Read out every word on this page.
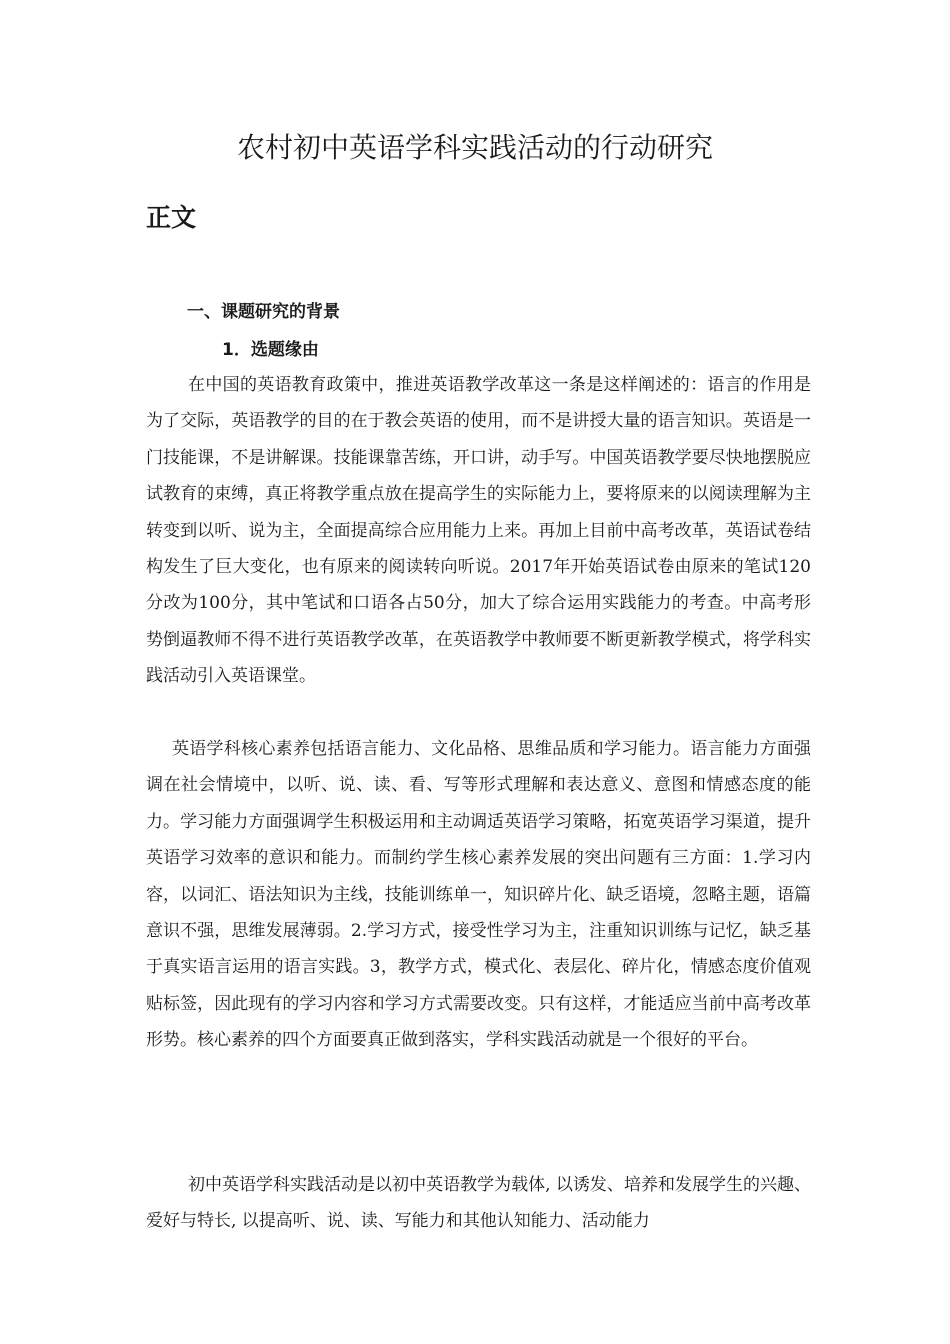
农村初中英语学科实践活动的行动研究
正文
一、课题研究的背景
1．选题缘由

在中国的英语教育政策中，推进英语教学改革这一条是这样阐述的：语言的作用是为了交际，英语教学的目的在于教会英语的使用，而不是讲授大量的语言知识。英语是一门技能课，不是讲解课。技能课靠苦练，开口讲，动手写。中国英语教学要尽快地摆脱应试教育的束缚，真正将教学重点放在提高学生的实际能力上，要将原来的以阅读理解为主转变到以听、说为主，全面提高综合应用能力上来。再加上目前中高考改革，英语试卷结构发生了巨大变化，也有原来的阅读转向听说。2017年开始英语试卷由原来的笔试120分改为100分，其中笔试和口语各占50分，加大了综合运用实践能力的考查。中高考形势倒逼教师不得不进行英语教学改革，在英语教学中教师要不断更新教学模式，将学科实践活动引入英语课堂。

英语学科核心素养包括语言能力、文化品格、思维品质和学习能力。语言能力方面强调在社会情境中，以听、说、读、看、写等形式理解和表达意义、意图和情感态度的能力。学习能力方面强调学生积极运用和主动调适英语学习策略，拓宽英语学习渠道，提升英语学习效率的意识和能力。而制约学生核心素养发展的突出问题有三方面：1.学习内容，以词汇、语法知识为主线，技能训练单一，知识碎片化、缺乏语境，忽略主题，语篇意识不强，思维发展薄弱。2.学习方式，接受性学习为主，注重知识训练与记忆，缺乏基于真实语言运用的语言实践。3，教学方式，模式化、表层化、碎片化，情感态度价值观贴标签，因此现有的学习内容和学习方式需要改变。只有这样，才能适应当前中高考改革形势。核心素养的四个方面要真正做到落实，学科实践活动就是一个很好的平台。

初中英语学科实践活动是以初中英语教学为载体, 以诱发、培养和发展学生的兴趣、爱好与特长, 以提高听、说、读、写能力和其他认知能力、活动能力
